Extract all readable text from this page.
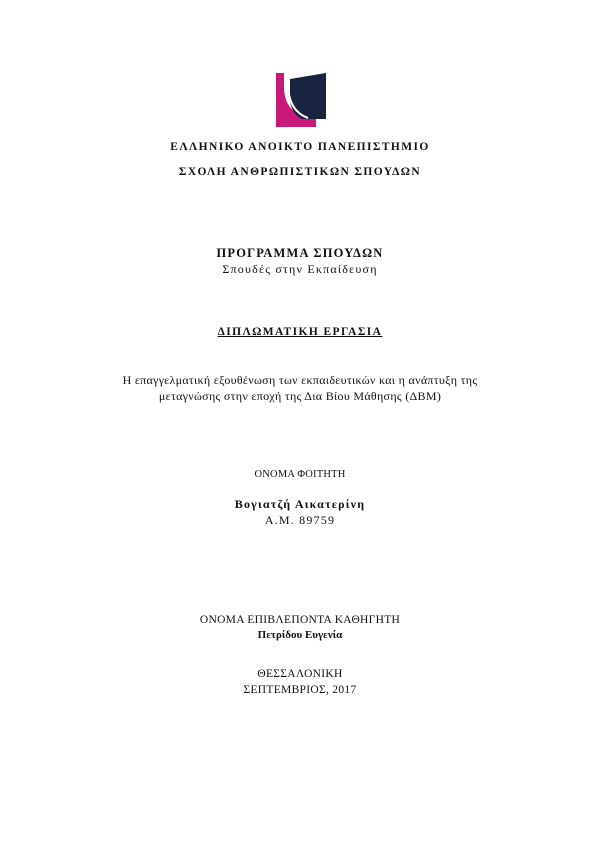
ΕΛΛΗΝΙΚΟ ΑΝΟΙΚΤΟ ΠΑΝΕΠΙΣΤΗΜΙΟ
ΣΧΟΛΗ ΑΝΘΡΩΠΙΣΤΙΚΩΝ ΣΠΟΥΔΩΝ
ΠΡΟΓΡΑΜΜΑ ΣΠΟΥΔΩΝ
Σπουδές στην Εκπαίδευση
ΔΙΠΛΩΜΑΤΙΚΗ ΕΡΓΑΣΙΑ
Η επαγγελματική εξουθένωση των εκπαιδευτικών και η ανάπτυξη της
μεταγνώσης στην εποχή της Δια Βίου Μάθησης (ΔΒΜ)
ΟΝΟΜΑ ΦΟΙΤΗΤΗ
Βογιατζή Αικατερίνη
Α.Μ. 89759
ΟΝΟΜΑ ΕΠΙΒΛΕΠΟΝΤΑ ΚΑΘΗΓΗΤΗ
Πετρίδου Ευγενία
ΘΕΣΣΑΛΟΝΙΚΗ
ΣΕΠΤΕΜΒΡΙΟΣ, 2017
